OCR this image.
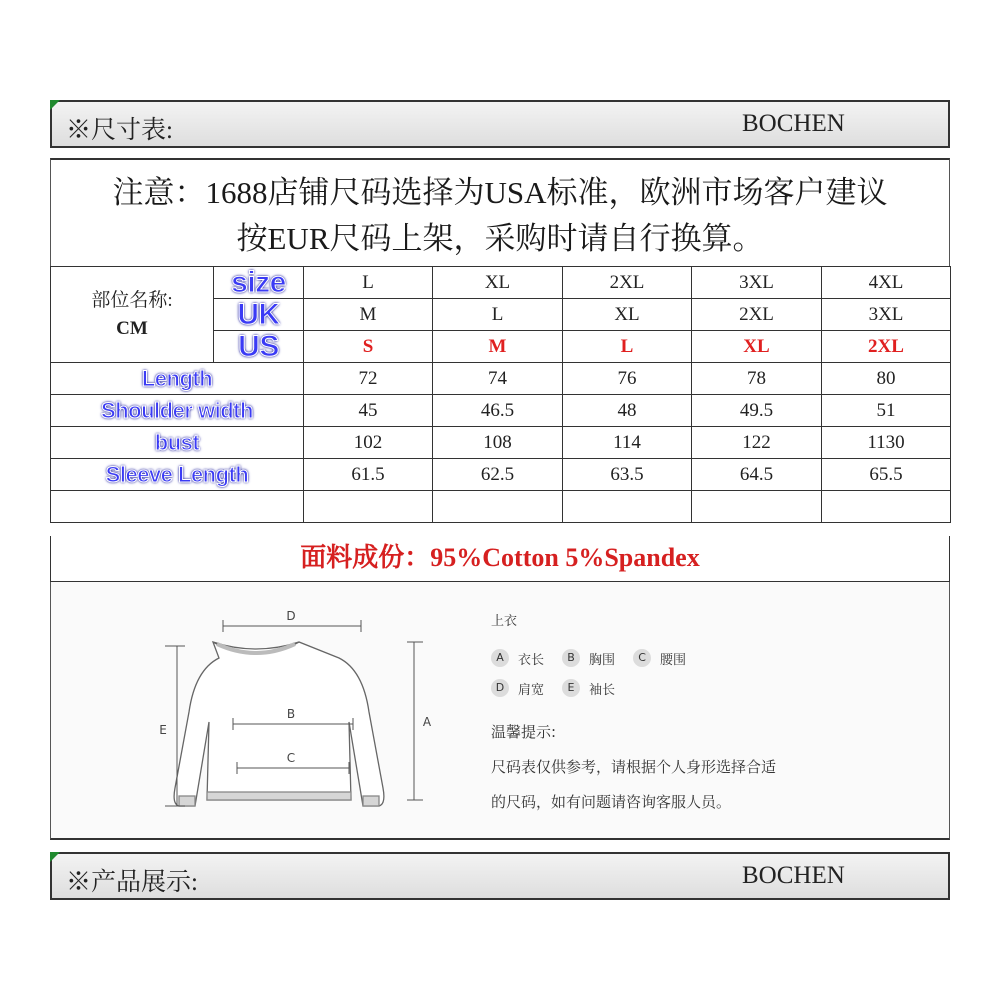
※尺寸表:	BOCHEN
注意：1688店铺尺码选择为USA标准，欧洲市场客户建议
按EUR尺码上架，采购时请自行换算。
部位名称:
CM	size	L	XL	2XL	3XL	4XL
	UK	M	L	XL	2XL	3XL
	US	S	M	L	XL	2XL
Length		72	74	76	78	80
Shoulder width		45	46.5	48	49.5	51
bust		102	108	114	122	1130
Sleeve Length		61.5	62.5	63.5	64.5	65.5

面料成份：95%Cotton 5%Spandex
D
B
C
A
E
上衣
A	衣长	B	胸围	C	腰围
D	肩宽	E	袖长
温馨提示:
尺码表仅供参考，请根据个人身形选择合适
的尺码，如有问题请咨询客服人员。
※产品展示:	BOCHEN
